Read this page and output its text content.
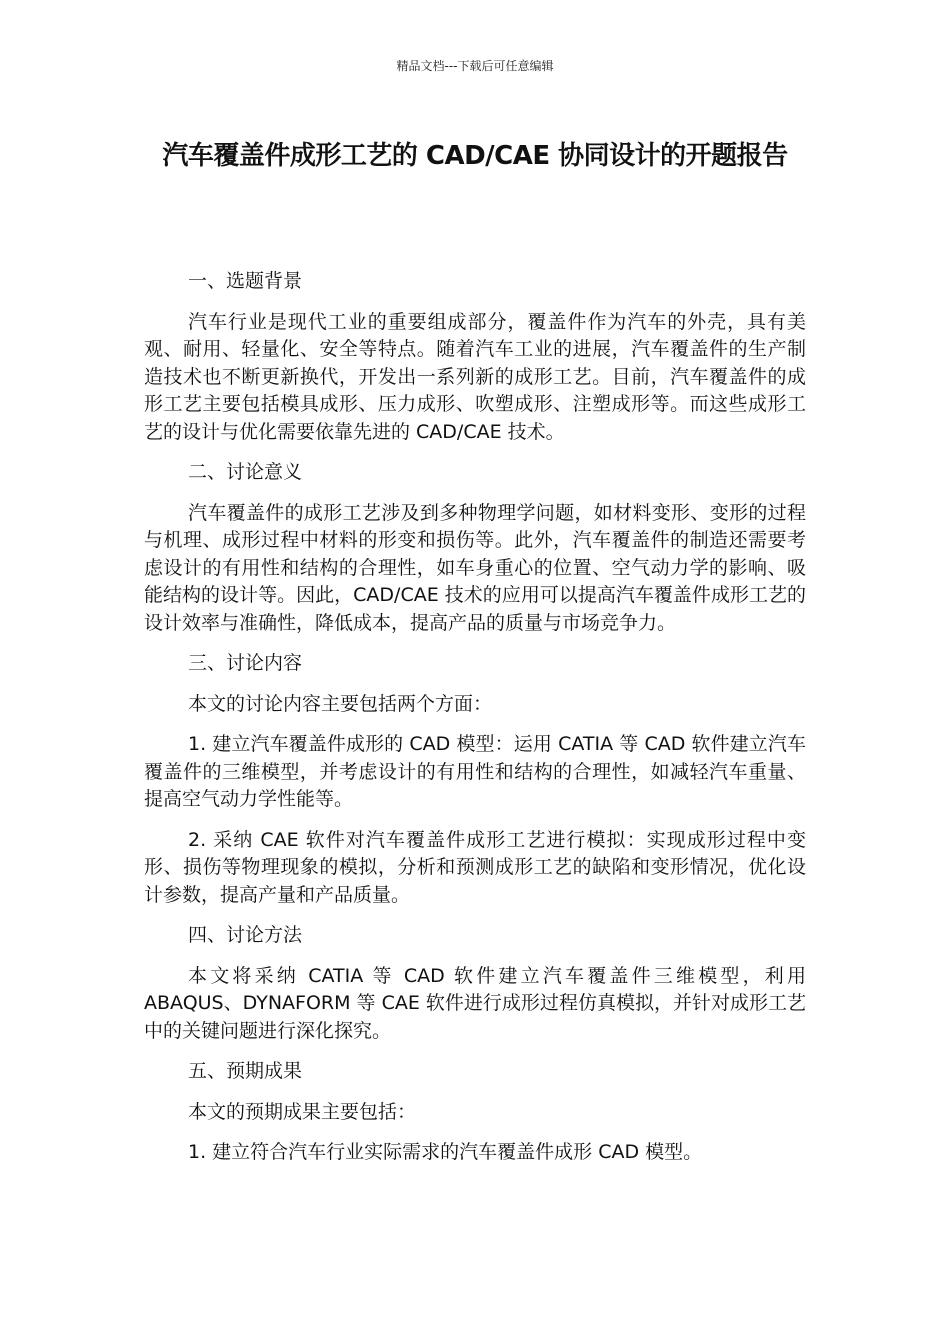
精品文档---下载后可任意编辑
汽车覆盖件成形工艺的 CAD/CAE 协同设计的开题报告

一、选题背景

汽车行业是现代工业的重要组成部分，覆盖件作为汽车的外壳，具有美观、耐用、轻量化、安全等特点。随着汽车工业的进展，汽车覆盖件的生产制造技术也不断更新换代，开发出一系列新的成形工艺。目前，汽车覆盖件的成形工艺主要包括模具成形、压力成形、吹塑成形、注塑成形等。而这些成形工艺的设计与优化需要依靠先进的 CAD/CAE 技术。

二、讨论意义

汽车覆盖件的成形工艺涉及到多种物理学问题，如材料变形、变形的过程与机理、成形过程中材料的形变和损伤等。此外，汽车覆盖件的制造还需要考虑设计的有用性和结构的合理性，如车身重心的位置、空气动力学的影响、吸能结构的设计等。因此，CAD/CAE 技术的应用可以提高汽车覆盖件成形工艺的设计效率与准确性，降低成本，提高产品的质量与市场竞争力。

三、讨论内容

本文的讨论内容主要包括两个方面：

1. 建立汽车覆盖件成形的 CAD 模型：运用 CATIA 等 CAD 软件建立汽车覆盖件的三维模型，并考虑设计的有用性和结构的合理性，如减轻汽车重量、提高空气动力学性能等。

2. 采纳 CAE 软件对汽车覆盖件成形工艺进行模拟：实现成形过程中变形、损伤等物理现象的模拟，分析和预测成形工艺的缺陷和变形情况，优化设计参数，提高产量和产品质量。

四、讨论方法

本文将采纳 CATIA 等 CAD 软件建立汽车覆盖件三维模型，利用 ABAQUS、DYNAFORM 等 CAE 软件进行成形过程仿真模拟，并针对成形工艺中的关键问题进行深化探究。

五、预期成果

本文的预期成果主要包括：

1. 建立符合汽车行业实际需求的汽车覆盖件成形 CAD 模型。
